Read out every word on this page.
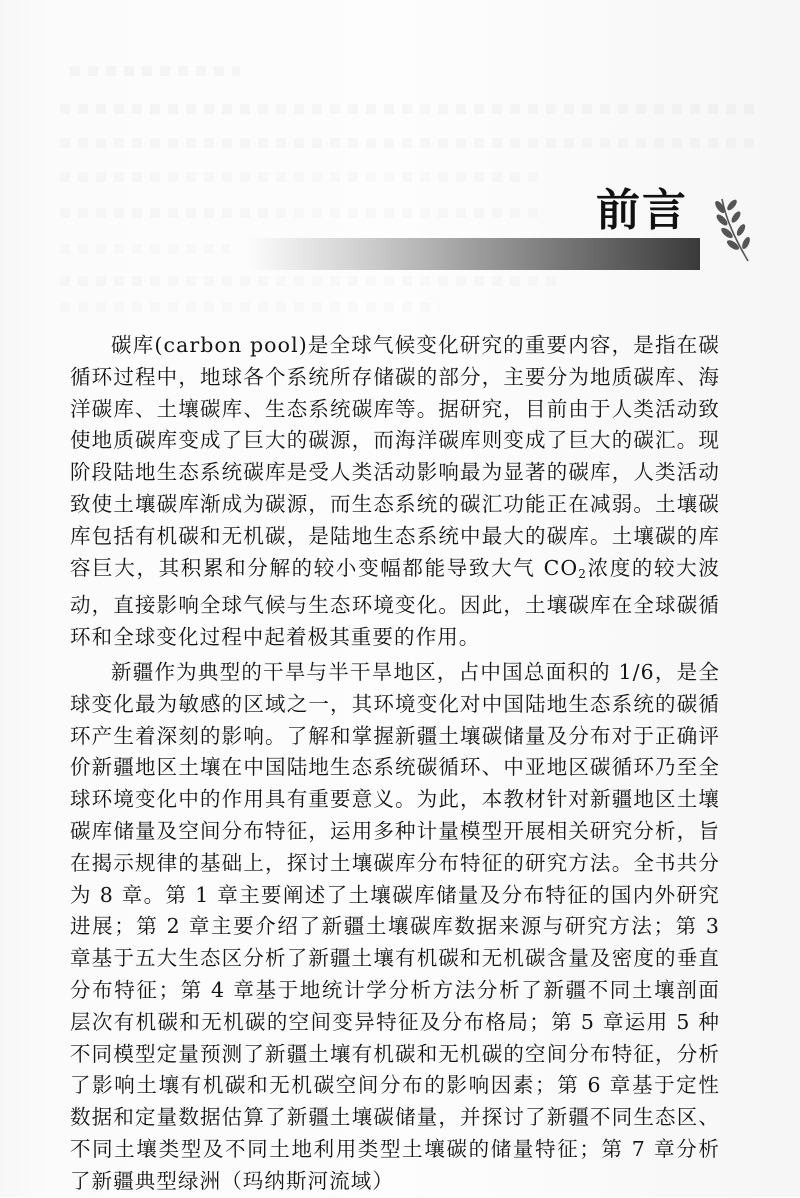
前言

碳库(carbon pool)是全球气候变化研究的重要内容，是指在碳循环过程中，地球各个系统所存储碳的部分，主要分为地质碳库、海洋碳库、土壤碳库、生态系统碳库等。据研究，目前由于人类活动致使地质碳库变成了巨大的碳源，而海洋碳库则变成了巨大的碳汇。现阶段陆地生态系统碳库是受人类活动影响最为显著的碳库，人类活动致使土壤碳库渐成为碳源，而生态系统的碳汇功能正在减弱。土壤碳库包括有机碳和无机碳，是陆地生态系统中最大的碳库。土壤碳的库容巨大，其积累和分解的较小变幅都能导致大气 $CO_2$浓度的较大波动，直接影响全球气候与生态环境变化。因此，土壤碳库在全球碳循环和全球变化过程中起着极其重要的作用。

新疆作为典型的干旱与半干旱地区，占中国总面积的 1/6，是全球变化最为敏感的区域之一，其环境变化对中国陆地生态系统的碳循环产生着深刻的影响。了解和掌握新疆土壤碳储量及分布对于正确评价新疆地区土壤在中国陆地生态系统碳循环、中亚地区碳循环乃至全球环境变化中的作用具有重要意义。为此，本教材针对新疆地区土壤碳库储量及空间分布特征，运用多种计量模型开展相关研究分析，旨在揭示规律的基础上，探讨土壤碳库分布特征的研究方法。全书共分为 8 章。第 1 章主要阐述了土壤碳库储量及分布特征的国内外研究进展；第 2 章主要介绍了新疆土壤碳库数据来源与研究方法；第 3 章基于五大生态区分析了新疆土壤有机碳和无机碳含量及密度的垂直分布特征；第 4 章基于地统计学分析方法分析了新疆不同土壤剖面层次有机碳和无机碳的空间变异特征及分布格局；第 5 章运用 5 种不同模型定量预测了新疆土壤有机碳和无机碳的空间分布特征，分析了影响土壤有机碳和无机碳空间分布的影响因素；第 6 章基于定性数据和定量数据估算了新疆土壤碳储量，并探讨了新疆不同生态区、不同土壤类型及不同土地利用类型土壤碳的储量特征；第 7 章分析了新疆典型绿洲（玛纳斯河流域）
